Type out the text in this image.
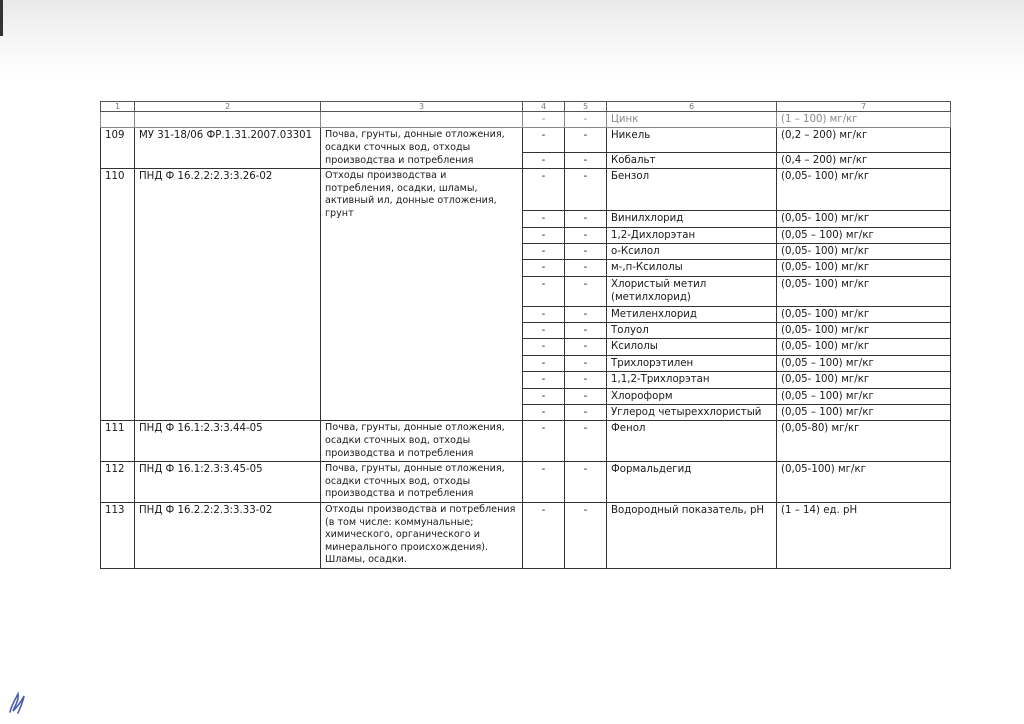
1	2	3	4	5	6	7
			-	-	Цинк	(1 – 100) мг/кг
109	МУ 31-18/06 ФР.1.31.2007.03301	Почва, грунты, донные отложения, осадки сточных вод, отходы производства и потребления	-	-	Никель	(0,2 – 200) мг/кг
			-	-	Кобальт	(0,4 – 200) мг/кг
110	ПНД Ф 16.2.2:2.3:3.26-02	Отходы производства и потребления, осадки, шламы, активный ил, донные отложения, грунт	-	-	Бензол	(0,05- 100) мг/кг
			-	-	Винилхлорид	(0,05- 100) мг/кг
			-	-	1,2-Дихлорэтан	(0,05 – 100) мг/кг
			-	-	о-Ксилол	(0,05- 100) мг/кг
			-	-	м-,п-Ксилолы	(0,05- 100) мг/кг
			-	-	Хлористый метил (метилхлорид)	(0,05- 100) мг/кг
			-	-	Метиленхлорид	(0,05- 100) мг/кг
			-	-	Толуол	(0,05- 100) мг/кг
			-	-	Ксилолы	(0,05- 100) мг/кг
			-	-	Трихлорэтилен	(0,05 – 100) мг/кг
			-	-	1,1,2-Трихлорэтан	(0,05- 100) мг/кг
			-	-	Хлороформ	(0,05 – 100) мг/кг
			-	-	Углерод четыреххлористый	(0,05 – 100) мг/кг
111	ПНД Ф 16.1:2.3:3.44-05	Почва, грунты, донные отложения, осадки сточных вод, отходы производства и потребления	-	-	Фенол	(0,05-80) мг/кг
112	ПНД Ф 16.1:2.3:3.45-05	Почва, грунты, донные отложения, осадки сточных вод, отходы производства и потребления	-	-	Формальдегид	(0,05-100) мг/кг
113	ПНД Ф 16.2.2:2.3:3.33-02	Отходы производства и потребления (в том числе: коммунальные; химического, органического и минерального происхождения). Шламы, осадки.	-	-	Водородный показатель, рН	(1 – 14) ед. рН
